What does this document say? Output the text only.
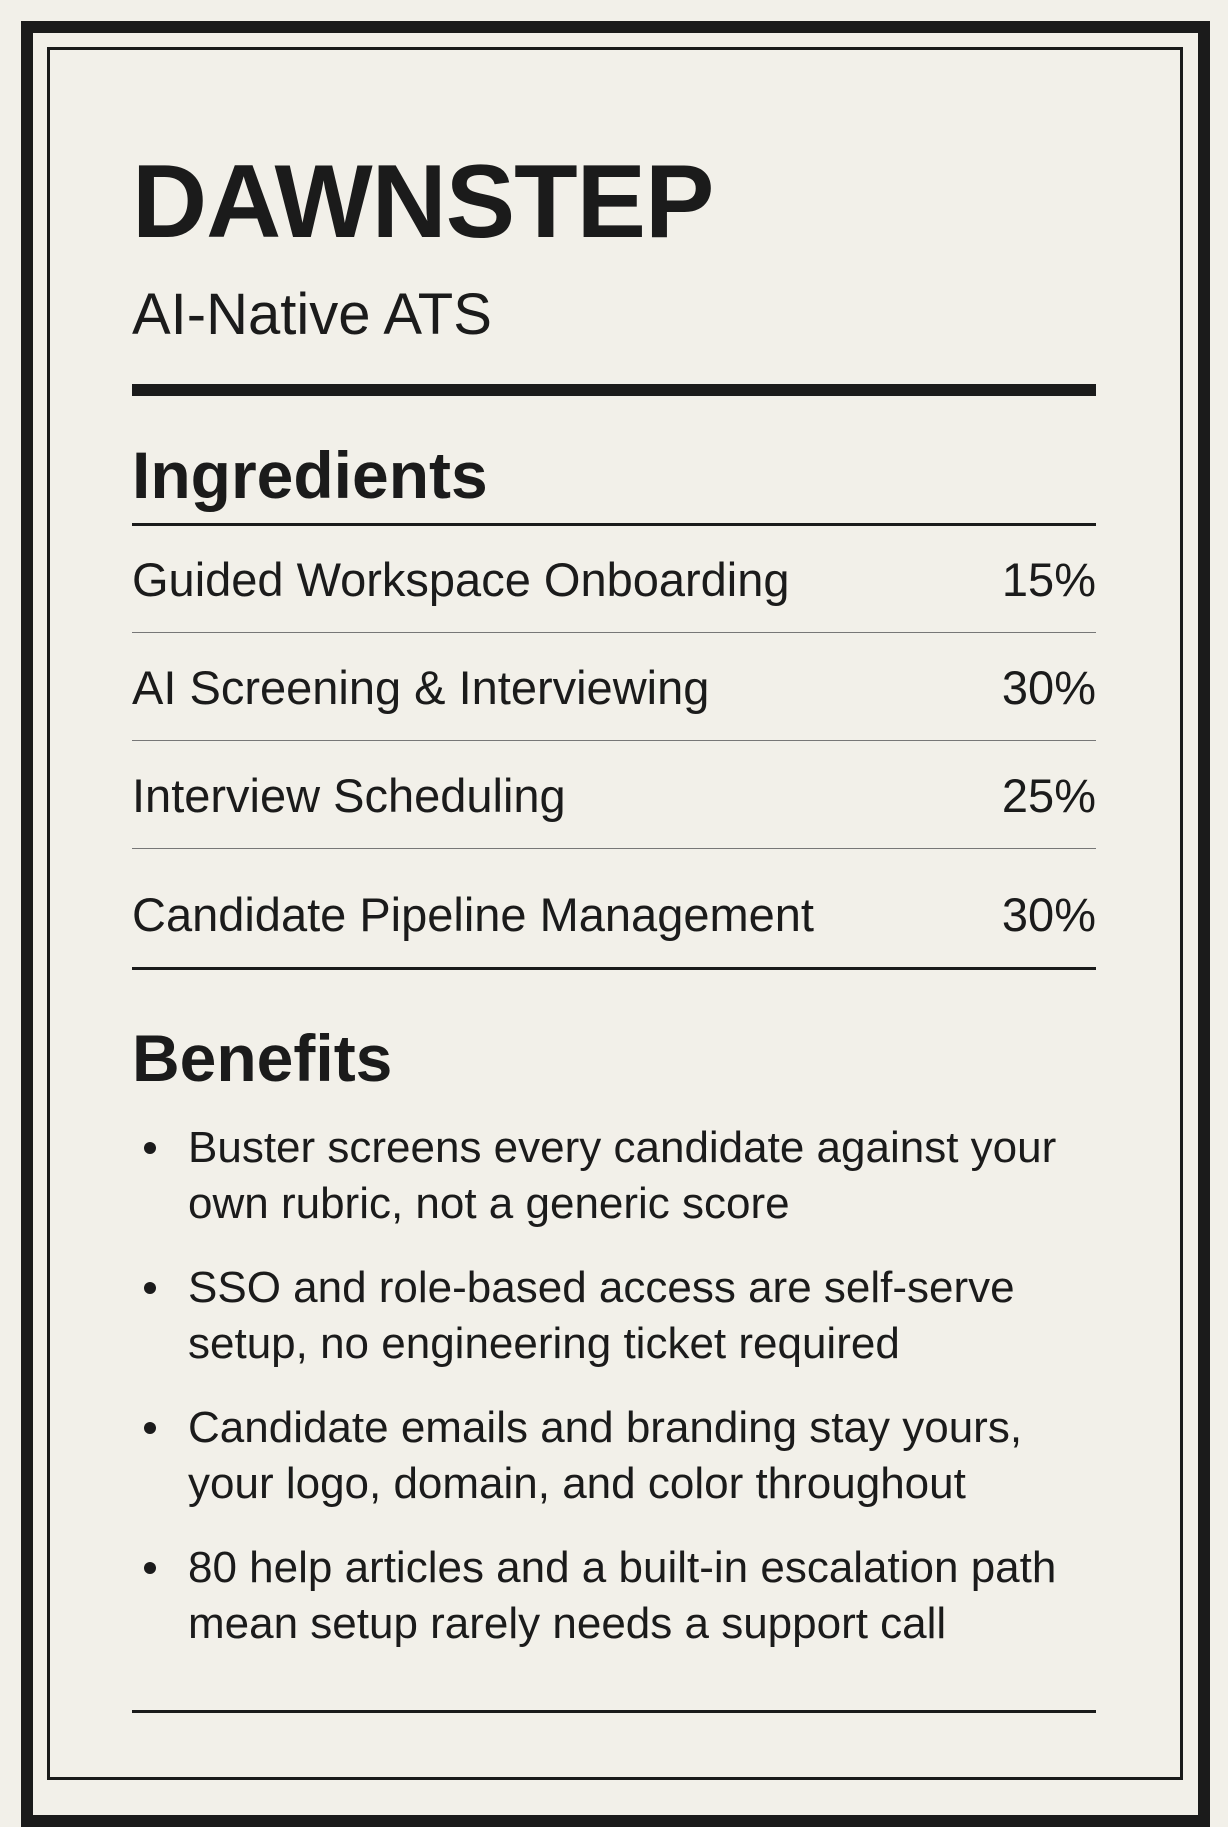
DAWNSTEP
AI-Native ATS
Ingredients
Guided Workspace Onboarding	15%
AI Screening & Interviewing	30%
Interview Scheduling	25%
Candidate Pipeline Management	30%
Benefits
Buster screens every candidate against your own rubric, not a generic score
SSO and role-based access are self-serve setup, no engineering ticket required
Candidate emails and branding stay yours, your logo, domain, and color throughout
80 help articles and a built-in escalation path mean setup rarely needs a support call
